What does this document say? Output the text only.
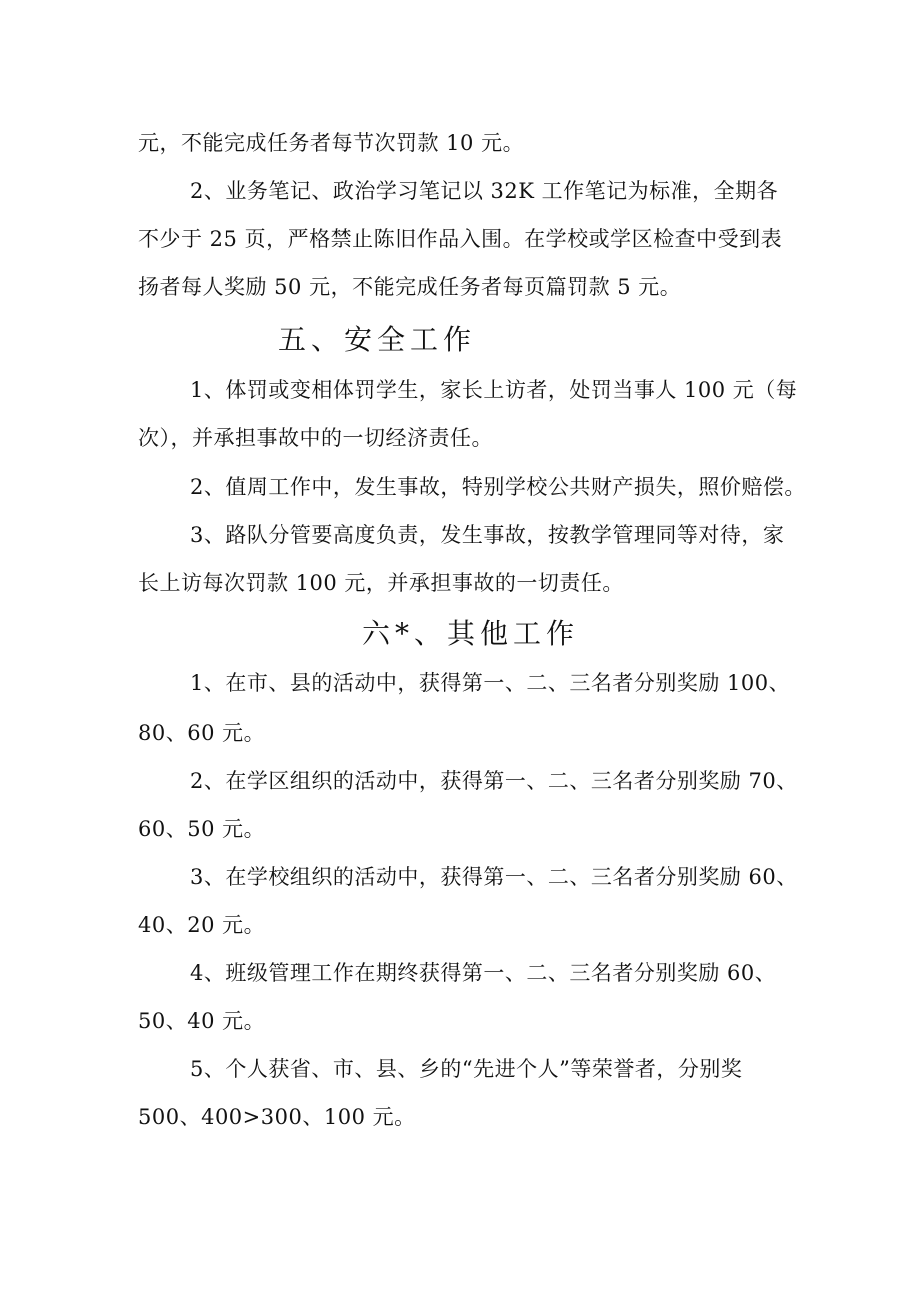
元，不能完成任务者每节次罚款 10 元。
2、业务笔记、政治学习笔记以 32K 工作笔记为标准，全期各
不少于 25 页，严格禁止陈旧作品入围。在学校或学区检查中受到表
扬者每人奖励 50 元，不能完成任务者每页篇罚款 5 元。
五、安全工作
1、体罚或变相体罚学生，家长上访者，处罚当事人 100 元（每
次），并承担事故中的一切经济责任。
2、值周工作中，发生事故，特别学校公共财产损失，照价赔偿。
3、路队分管要高度负责，发生事故，按教学管理同等对待，家
长上访每次罚款 100 元，并承担事故的一切责任。
六*、其他工作
1、在市、县的活动中，获得第一、二、三名者分别奖励 100、
80、60 元。
2、在学区组织的活动中，获得第一、二、三名者分别奖励 70、
60、50 元。
3、在学校组织的活动中，获得第一、二、三名者分别奖励 60、
40、20 元。
4、班级管理工作在期终获得第一、二、三名者分别奖励 60、
50、40 元。
5、个人获省、市、县、乡的“先进个人”等荣誉者，分别奖
500、400>300、100 元。
